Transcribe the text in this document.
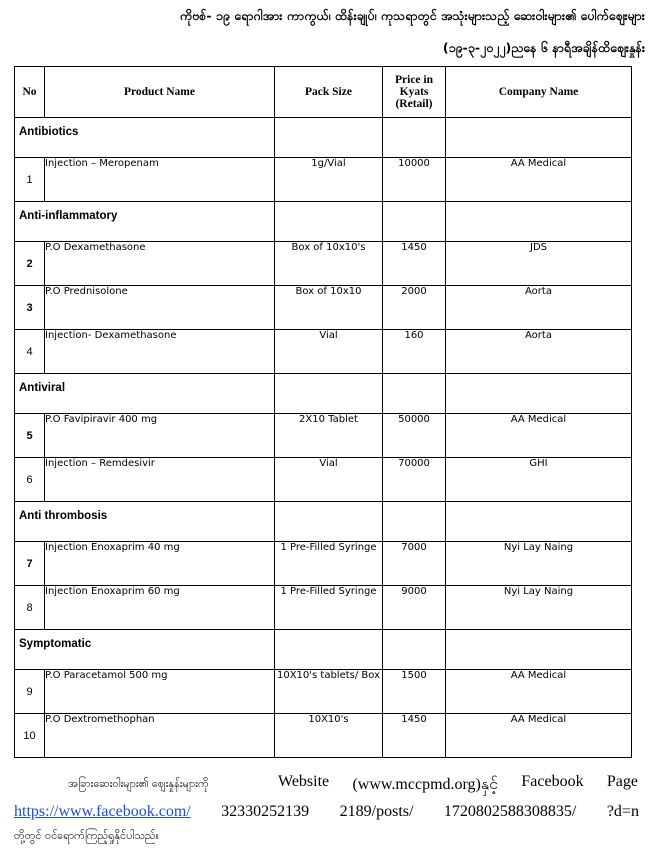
ကိုဗစ်- ၁၉ ရောဂါအား ကာကွယ်၊ ထိန်းချုပ်၊ ကုသရာတွင် အသုံးများသည့် ဆေးဝါးများ၏ ပေါက်ဈေးများ
(၁၉-၃-၂၀၂၂)ညနေ ၆ နာရီအချိန်ထိဈေးနှုန်း
No	Product Name	Pack Size	Price in Kyats (Retail)	Company Name
Antibiotics				
1	Injection – Meropenam	1g/Vial	10000	AA Medical
Anti-inflammatory				
2	P.O Dexamethasone	Box of 10x10's	1450	JDS
3	P.O Prednisolone	Box of 10x10	2000	Aorta
4	Injection- Dexamethasone	Vial	160	Aorta
Antiviral				
5	P.O Favipiravir 400 mg	2X10 Tablet	50000	AA Medical
6	Injection – Remdesivir	Vial	70000	GHI
Anti thrombosis				
7	Injection Enoxaprim 40 mg	1 Pre-Filled Syringe	7000	Nyi Lay Naing
8	Injection Enoxaprim 60 mg	1 Pre-Filled Syringe	9000	Nyi Lay Naing
Symptomatic				
9	P.O Paracetamol 500 mg	10X10's tablets/ Box	1500	AA Medical
10	P.O Dextromethophan	10X10's	1450	AA Medical
အခြားဆေးဝါးများ၏ ဈေးနှုန်းများကို	Website (www.mccpmd.org)နှင့် Facebook Page
https://www.facebook.com/ 32330252139 2189/posts/ 1720802588308835/ ?d=n
တို့တွင် ဝင်ရောက်ကြည့်ရှုနိုင်ပါသည်။
